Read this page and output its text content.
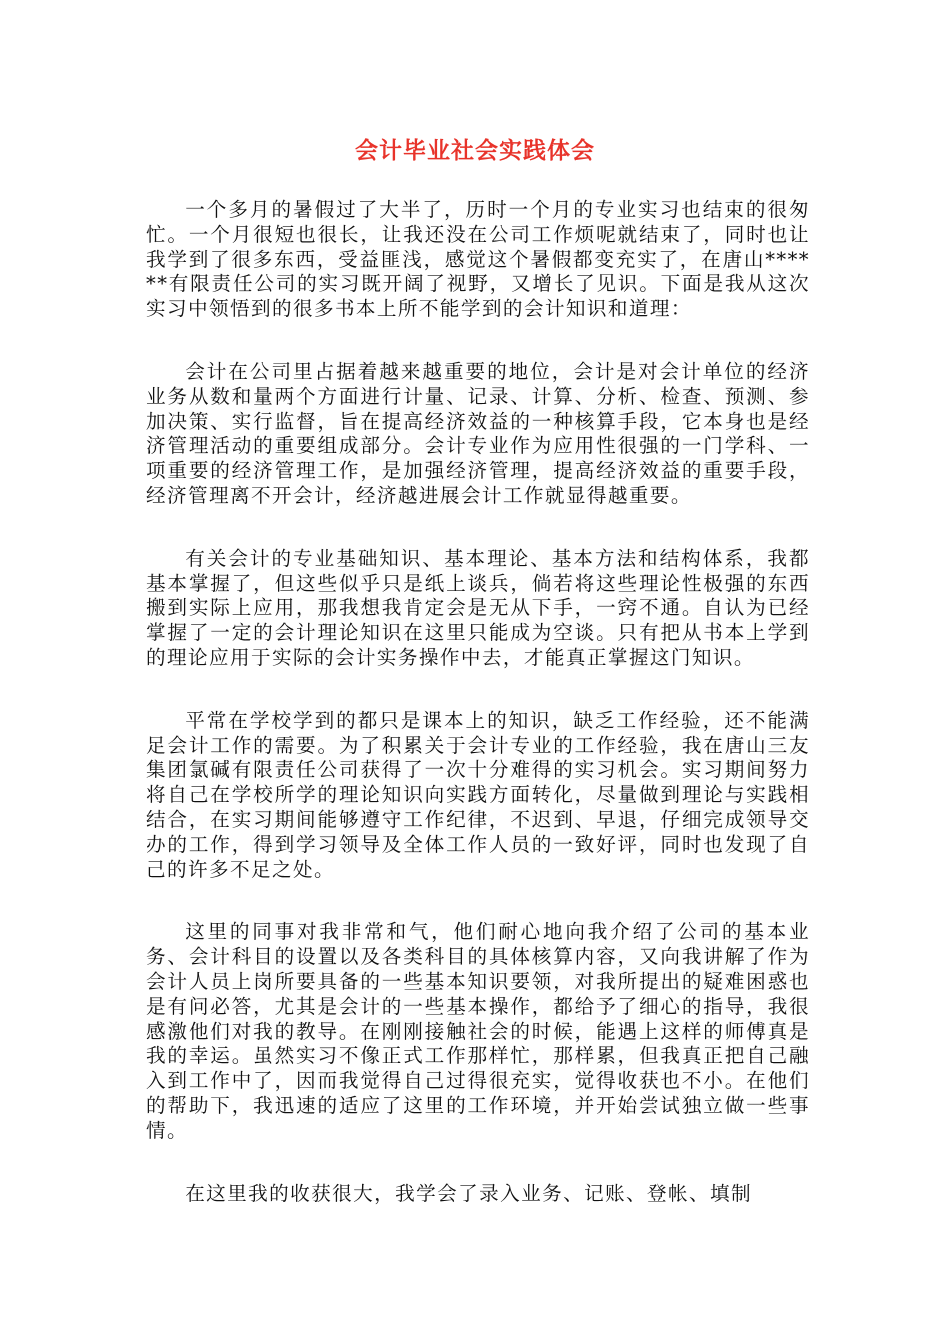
会计毕业社会实践体会

一个多月的暑假过了大半了，历时一个月的专业实习也结束的很匆忙。一个月很短也很长，让我还没在公司工作烦呢就结束了，同时也让我学到了很多东西，受益匪浅，感觉这个暑假都变充实了，在唐山******有限责任公司的实习既开阔了视野，又增长了见识。下面是我从这次实习中领悟到的很多书本上所不能学到的会计知识和道理：

会计在公司里占据着越来越重要的地位，会计是对会计单位的经济业务从数和量两个方面进行计量、记录、计算、分析、检查、预测、参加决策、实行监督，旨在提高经济效益的一种核算手段，它本身也是经济管理活动的重要组成部分。会计专业作为应用性很强的一门学科、一项重要的经济管理工作，是加强经济管理，提高经济效益的重要手段，经济管理离不开会计，经济越进展会计工作就显得越重要。

有关会计的专业基础知识、基本理论、基本方法和结构体系，我都基本掌握了，但这些似乎只是纸上谈兵，倘若将这些理论性极强的东西搬到实际上应用，那我想我肯定会是无从下手，一窍不通。自认为已经掌握了一定的会计理论知识在这里只能成为空谈。只有把从书本上学到的理论应用于实际的会计实务操作中去，才能真正掌握这门知识。

平常在学校学到的都只是课本上的知识，缺乏工作经验，还不能满足会计工作的需要。为了积累关于会计专业的工作经验，我在唐山三友集团氯碱有限责任公司获得了一次十分难得的实习机会。实习期间努力将自己在学校所学的理论知识向实践方面转化，尽量做到理论与实践相结合，在实习期间能够遵守工作纪律，不迟到、早退，仔细完成领导交办的工作，得到学习领导及全体工作人员的一致好评，同时也发现了自己的许多不足之处。

这里的同事对我非常和气，他们耐心地向我介绍了公司的基本业务、会计科目的设置以及各类科目的具体核算内容，又向我讲解了作为会计人员上岗所要具备的一些基本知识要领，对我所提出的疑难困惑也是有问必答，尤其是会计的一些基本操作，都给予了细心的指导，我很感激他们对我的教导。在刚刚接触社会的时候，能遇上这样的师傅真是我的幸运。虽然实习不像正式工作那样忙，那样累，但我真正把自己融入到工作中了，因而我觉得自己过得很充实，觉得收获也不小。在他们的帮助下，我迅速的适应了这里的工作环境，并开始尝试独立做一些事情。

在这里我的收获很大，我学会了录入业务、记账、登帐、填制
